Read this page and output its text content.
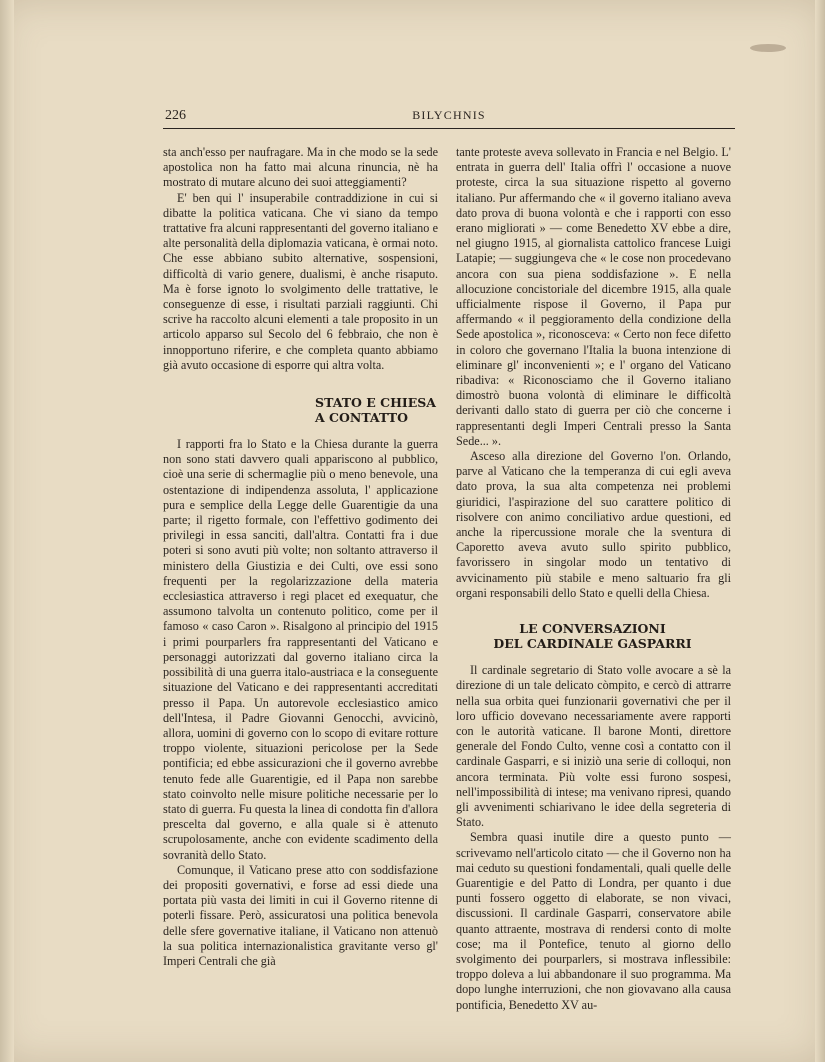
226	BILYCHNIS

sta anch'esso per naufragare. Ma in che modo se la sede apostolica non ha fatto mai alcuna rinuncia, nè ha mostrato di mutare alcuno dei suoi atteggiamenti?

E' ben qui l' insuperabile contraddizione in cui si dibatte la politica vaticana. Che vi siano da tempo trattative fra alcuni rappresentanti del governo italiano e alte personalità della diplomazia vaticana, è ormai noto. Che esse abbiano subito alternative, sospensioni, difficoltà di vario genere, dualismi, è anche risaputo. Ma è forse ignoto lo svolgimento delle trattative, le conseguenze di esse, i risultati parziali raggiunti. Chi scrive ha raccolto alcuni elementi a tale proposito in un articolo apparso sul Secolo del 6 febbraio, che non è innopportuno riferire, e che completa quanto abbiamo già avuto occasione di esporre qui altra volta.

STATO E CHIESA
A CONTATTO

I rapporti fra lo Stato e la Chiesa durante la guerra non sono stati davvero quali appariscono al pubblico, cioè una serie di schermaglie più o meno benevole, una ostentazione di indipendenza assoluta, l' applicazione pura e semplice della Legge delle Guarentigie da una parte; il rigetto formale, con l'effettivo godimento dei privilegi in essa sanciti, dall'altra. Contatti fra i due poteri si sono avuti più volte; non soltanto attraverso il ministero della Giustizia e dei Culti, ove essi sono frequenti per la regolarizzazione della materia ecclesiastica attraverso i regi placet ed exequatur, che assumono talvolta un contenuto politico, come per il famoso « caso Caron ». Risalgono al principio del 1915 i primi pourparlers fra rappresentanti del Vaticano e personaggi autorizzati dal governo italiano circa la possibilità di una guerra italo-austriaca e la conseguente situazione del Vaticano e dei rappresentanti accreditati presso il Papa. Un autorevole ecclesiastico amico dell'Intesa, il Padre Giovanni Genocchi, avvicinò, allora, uomini di governo con lo scopo di evitare rotture troppo violente, situazioni pericolose per la Sede pontificia; ed ebbe assicurazioni che il governo avrebbe tenuto fede alle Guarentigie, ed il Papa non sarebbe stato coinvolto nelle misure politiche necessarie per lo stato di guerra. Fu questa la linea di condotta fin d'allora prescelta dal governo, e alla quale si è attenuto scrupolosamente, anche con evidente scadimento della sovranità dello Stato.

Comunque, il Vaticano prese atto con soddisfazione dei propositi governativi, e forse ad essi diede una portata più vasta dei limiti in cui il Governo ritenne di poterli fissare. Però, assicuratosi una politica benevola delle sfere governative italiane, il Vaticano non attenuò la sua politica internazionalistica gravitante verso gl' Imperi Centrali che già

tante proteste aveva sollevato in Francia e nel Belgio. L' entrata in guerra dell' Italia offrì l' occasione a nuove proteste, circa la sua situazione rispetto al governo italiano. Pur affermando che « il governo italiano aveva dato prova di buona volontà e che i rapporti con esso erano migliorati » — come Benedetto XV ebbe a dire, nel giugno 1915, al giornalista cattolico francese Luigi Latapie; — suggiungeva che « le cose non procedevano ancora con sua piena soddisfazione ». E nella allocuzione concistoriale del dicembre 1915, alla quale ufficialmente rispose il Governo, il Papa pur affermando « il peggioramento della condizione della Sede apostolica », riconosceva: « Certo non fece difetto in coloro che governano l'Italia la buona intenzione di eliminare gl' inconvenienti »; e l' organo del Vaticano ribadiva: « Riconosciamo che il Governo italiano dimostrò buona volontà di eliminare le difficoltà derivanti dallo stato di guerra per ciò che concerne i rappresentanti degli Imperi Centrali presso la Santa Sede... ».

Asceso alla direzione del Governo l'on. Orlando, parve al Vaticano che la temperanza di cui egli aveva dato prova, la sua alta competenza nei problemi giuridici, l'aspirazione del suo carattere politico di risolvere con animo conciliativo ardue questioni, ed anche la ripercussione morale che la sventura di Caporetto aveva avuto sullo spirito pubblico, favorissero in singolar modo un tentativo di avvicinamento più stabile e meno saltuario fra gli organi responsabili dello Stato e quelli della Chiesa.

LE CONVERSAZIONI
DEL CARDINALE GASPARRI

Il cardinale segretario di Stato volle avocare a sè la direzione di un tale delicato còmpito, e cercò di attrarre nella sua orbita quei funzionarii governativi che per il loro ufficio dovevano necessariamente avere rapporti con le autorità vaticane. Il barone Monti, direttore generale del Fondo Culto, venne così a contatto con il cardinale Gasparri, e si iniziò una serie di colloqui, non ancora terminata. Più volte essi furono sospesi, nell'impossibilità di intese; ma venivano ripresi, quando gli avvenimenti schiarivano le idee della segreteria di Stato.

Sembra quasi inutile dire a questo punto — scrivevamo nell'articolo citato — che il Governo non ha mai ceduto su questioni fondamentali, quali quelle delle Guarentigie e del Patto di Londra, per quanto i due punti fossero oggetto di elaborate, se non vivaci, discussioni. Il cardinale Gasparri, conservatore abile quanto attraente, mostrava di rendersi conto di molte cose; ma il Pontefice, tenuto al giorno dello svolgimento dei pourparlers, si mostrava inflessibile: troppo doleva a lui abbandonare il suo programma. Ma dopo lunghe interruzioni, che non giovavano alla causa pontificia, Benedetto XV au-
